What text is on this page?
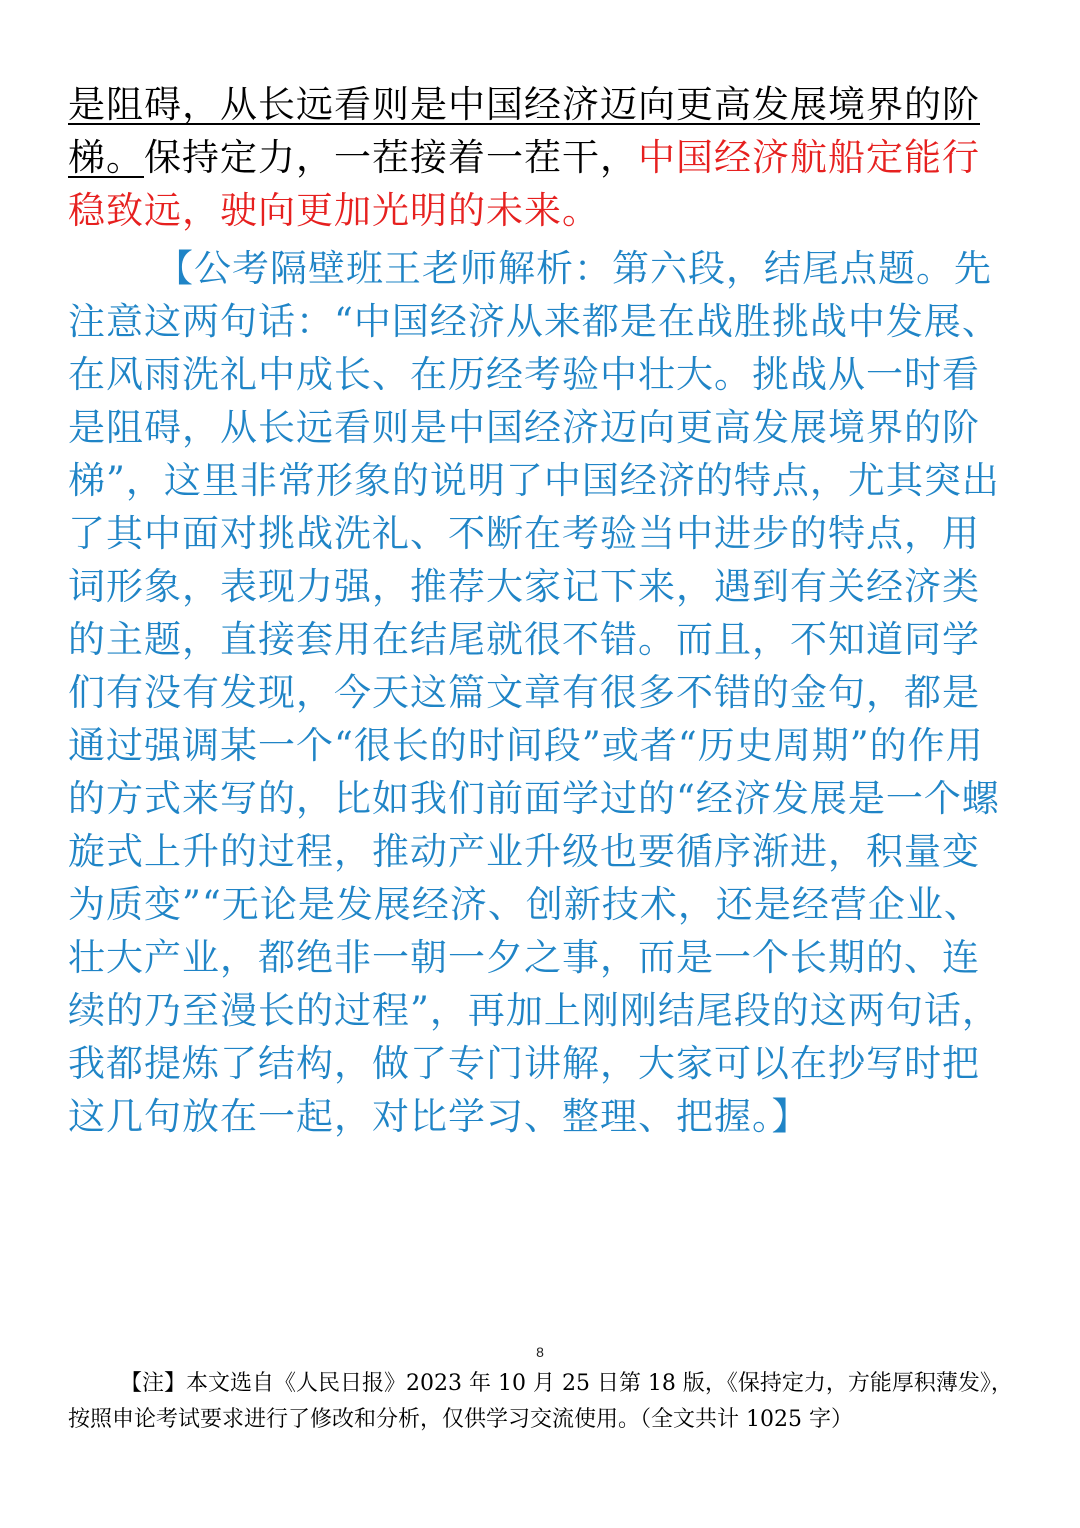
是阻碍，从长远看则是中国经济迈向更高发展境界的阶梯。保持定力，一茬接着一茬干，中国经济航船定能行稳致远，驶向更加光明的未来。

【公考隔壁班王老师解析：第六段，结尾点题。先注意这两句话：“中国经济从来都是在战胜挑战中发展、在风雨洗礼中成长、在历经考验中壮大。挑战从一时看是阻碍，从长远看则是中国经济迈向更高发展境界的阶梯”，这里非常形象的说明了中国经济的特点，尤其突出了其中面对挑战洗礼、不断在考验当中进步的特点，用词形象，表现力强，推荐大家记下来，遇到有关经济类的主题，直接套用在结尾就很不错。而且，不知道同学们有没有发现，今天这篇文章有很多不错的金句，都是通过强调某一个“很长的时间段”或者“历史周期”的作用的方式来写的，比如我们前面学过的“经济发展是一个螺旋式上升的过程，推动产业升级也要循序渐进，积量变为质变”“无论是发展经济、创新技术，还是经营企业、壮大产业，都绝非一朝一夕之事，而是一个长期的、连续的乃至漫长的过程”，再加上刚刚结尾段的这两句话，我都提炼了结构，做了专门讲解，大家可以在抄写时把这几句放在一起，对比学习、整理、把握。】

8

【注】本文选自《人民日报》2023 年 10 月 25 日第 18 版，《保持定力，方能厚积薄发》，按照申论考试要求进行了修改和分析，仅供学习交流使用。（全文共计 1025 字）
